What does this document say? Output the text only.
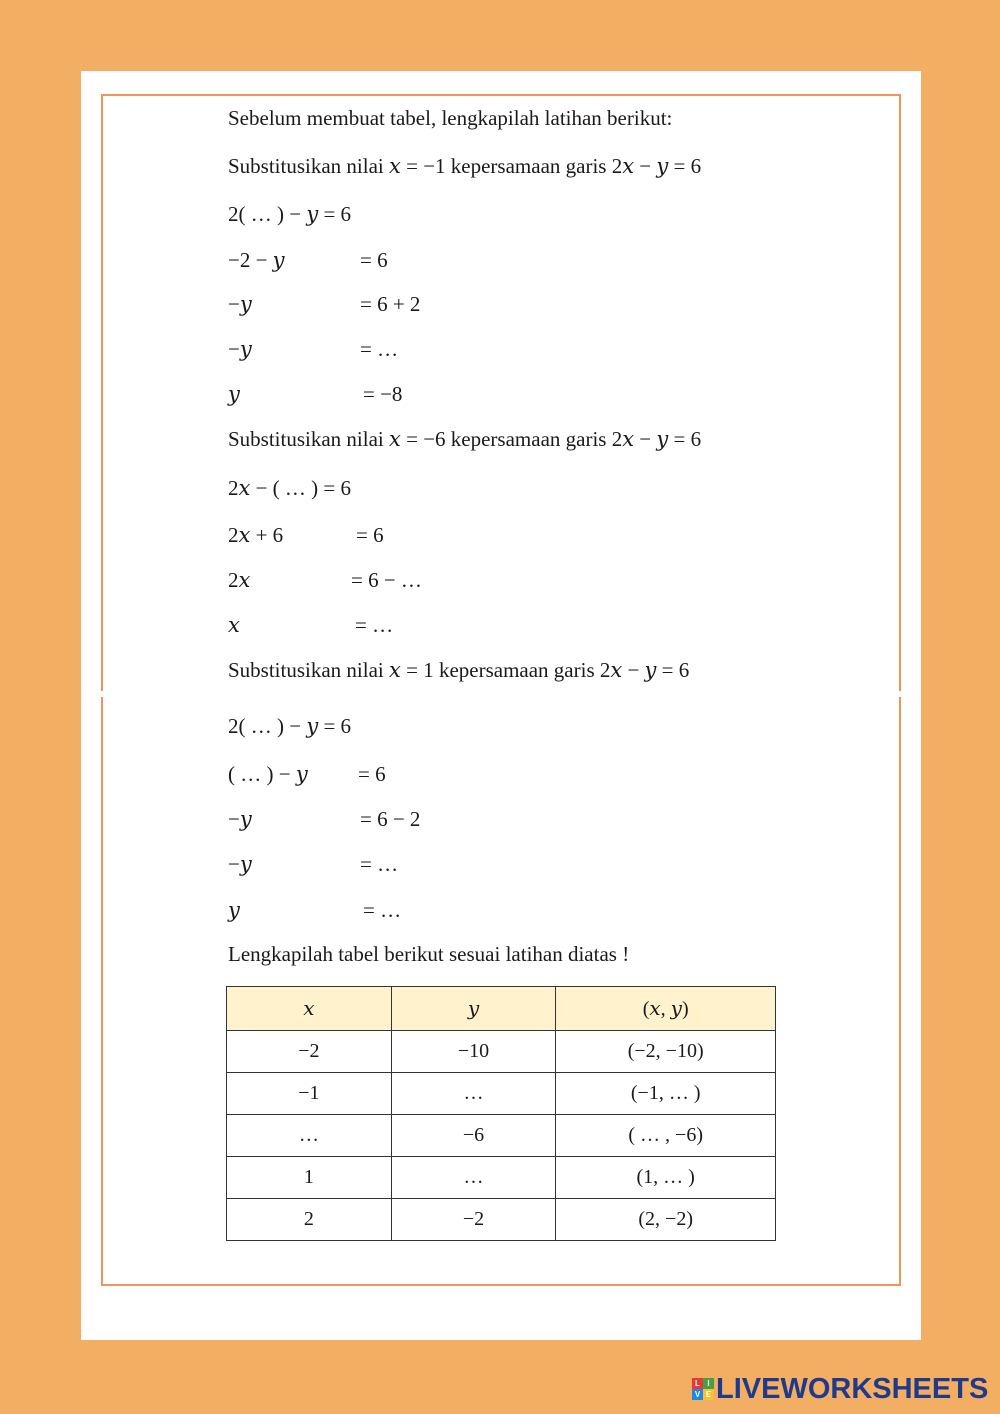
Sebelum membuat tabel, lengkapilah latihan berikut:
Substitusikan nilai 𝑥 = −1 kepersamaan garis 2𝑥 − 𝑦 = 6
2( … ) − 𝑦 = 6
−2 − 𝑦	= 6
−𝑦	= 6 + 2
−𝑦	= …
𝑦	= −8
Substitusikan nilai 𝑥 = −6 kepersamaan garis 2𝑥 − 𝑦 = 6
2𝑥 − ( … ) = 6
2𝑥 + 6	= 6
2𝑥	= 6 − …
𝑥	= …
Substitusikan nilai 𝑥 = 1 kepersamaan garis 2𝑥 − 𝑦 = 6
2( … ) − 𝑦 = 6
( … ) − 𝑦 = 6
−𝑦	= 6 − 2
−𝑦	= …
𝑦	= …
Lengkapilah tabel berikut sesuai latihan diatas !
𝑥	𝑦	(𝑥, 𝑦)
−2	−10	(−2, −10)
−1	…	(−1, … )
…	−6	( … , −6)
1	…	(1, … )
2	−2	(2, −2)
L I
V E LIVEWORKSHEETS
